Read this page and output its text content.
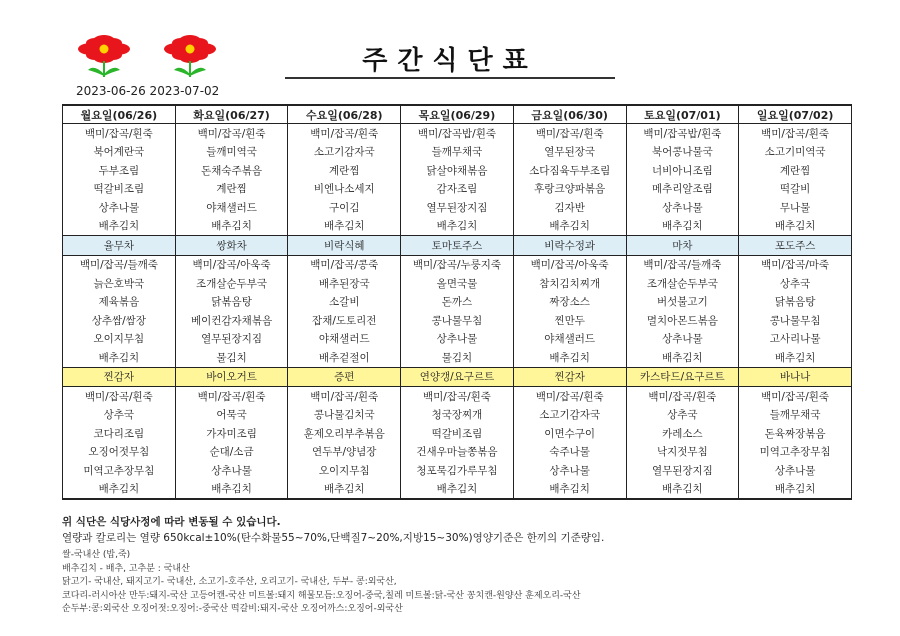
주간식단표
2023-06-26 2023-07-02
월요일(06/26)	화요일(06/27)	수요일(06/28)	목요일(06/29)	금요일(06/30)	토요일(07/01)	일요일(07/02)
백미/잡곡/흰죽	백미/잡곡/흰죽	백미/잡곡/흰죽	백미/잡곡밥/흰죽	백미/잡곡/흰죽	백미/잡곡밥/흰죽	백미/잡곡/흰죽
북어계란국	들깨미역국	소고기감자국	들깨무채국	열무된장국	북어콩나물국	소고기미역국
두부조림	돈채숙주볶음	계란찜	닭살야채볶음	소다짐육두부조림	너비아니조림	계란찜
떡갈비조림	계란찜	비엔나소세지	감자조림	후랑크양파볶음	메추리알조림	떡갈비
상추나물	야채샐러드	구이김	열무된장지짐	김자반	상추나물	무나물
배추김치	배추김치	배추김치	배추김치	배추김치	배추김치	배추김치
율무차	쌍화차	비락식혜	토마토주스	비락수정과	마차	포도주스
백미/잡곡/들깨죽	백미/잡곡/아욱죽	백미/잡곡/콩죽	백미/잡곡/누룽지죽	백미/잡곡/아욱죽	백미/잡곡/들깨죽	백미/잡곡/마죽
늙은호박국	조개살순두부국	배추된장국	올면국물	참치김치찌개	조개살순두부국	상추국
제육볶음	닭볶음탕	소갈비	돈까스	짜장소스	버섯불고기	닭볶음탕
상추쌈/쌈장	베이컨감자채볶음	잡채/도토리전	콩나물무침	찐만두	멸치아몬드볶음	콩나물무침
오이지무침	열무된장지짐	야채샐러드	상추나물	야채샐러드	상추나물	고사리나물
배추김치	물김치	배추겉절이	물김치	배추김치	배추김치	배추김치
찐감자	바이오거트	증편	연양갱/요구르트	찐감자	카스타드/요구르트	바나나
백미/잡곡/흰죽	백미/잡곡/흰죽	백미/잡곡/흰죽	백미/잡곡/흰죽	백미/잡곡/흰죽	백미/잡곡/흰죽	백미/잡곡/흰죽
상추국	어묵국	콩나물김치국	청국장찌개	소고기감자국	상추국	들깨무채국
코다리조림	가자미조림	훈제오리부추볶음	떡갈비조림	이면수구이	카레소스	돈육짜장볶음
오징어젓무침	순대/소금	연두부/양념장	건새우마늘쫑볶음	숙주나물	낙지젓무침	미역고추장무침
미역고추장무침	상추나물	오이지무침	청포묵김가루무침	상추나물	열무된장지짐	상추나물
배추김치	배추김치	배추김치	배추김치	배추김치	배추김치	배추김치
위 식단은 식당사정에 따라 변동될 수 있습니다.
열량과 칼로리는 열량 650kcal±10%(탄수화물55~70%,단백질7~20%,지방15~30%)영양기준은 한끼의 기준량임.
쌀-국내산 (밥,죽)
배추김치 - 배추, 고추분 : 국내산
닭고기- 국내산, 돼지고기- 국내산, 소고기-호주산, 오리고기- 국내산, 두부- 콩:외국산,
코다리-러시아산 만두:돼지-국산 고등어캔-국산 미트볼:돼지 해물모듬:오징어-중국,칠레 미트볼:닭-국산 꽁치캔-원양산 훈제오리-국산
순두부:콩:외국산 오징어젓:오징어:-중국산 떡갈비:돼지-국산 오징어까스:오징어-외국산
